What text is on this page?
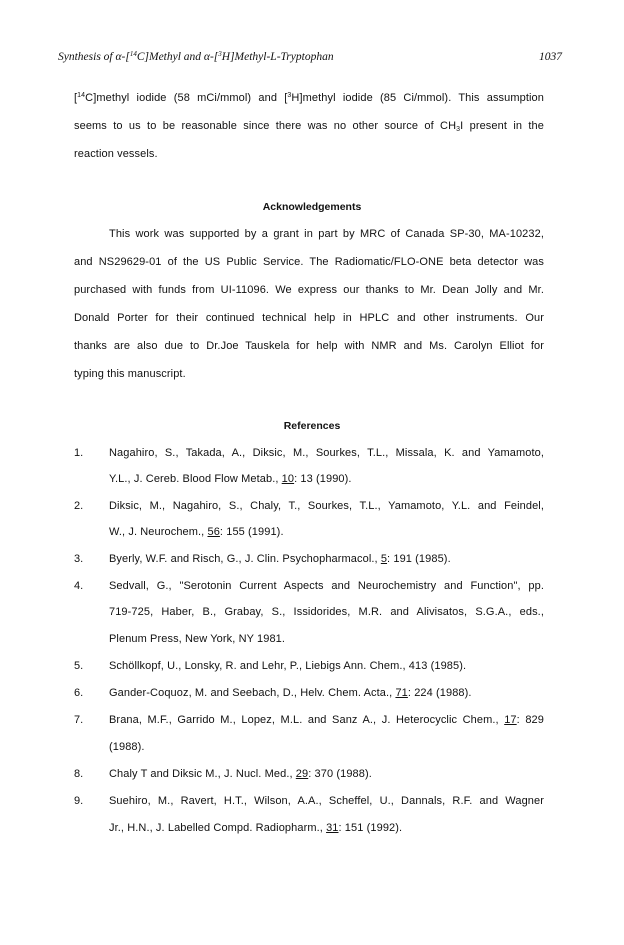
Synthesis of α-[$^{14}$C]Methyl and α-[$^3$H]Methyl-L-Tryptophan	1037
[$^{14}$C]methyl iodide (58 mCi/mmol) and [$^3$H]methyl iodide (85 Ci/mmol). This assumption
seems to us to be reasonable since there was no other source of $CH_3I$ present in the
reaction vessels.
Acknowledgements
This work was supported by a grant in part by MRC of Canada SP-30, MA-10232,
and NS29629-01 of the US Public Service. The Radiomatic/FLO-ONE beta detector was
purchased with funds from UI-11096. We express our thanks to Mr. Dean Jolly and Mr.
Donald Porter for their continued technical help in HPLC and other instruments. Our
thanks are also due to Dr.Joe Tauskela for help with NMR and Ms. Carolyn Elliot for
typing this manuscript.
References
1. Nagahiro, S., Takada, A., Diksic, M., Sourkes, T.L., Missala, K. and Yamamoto,
Y.L., J. Cereb. Blood Flow Metab., 10: 13 (1990).
2. Diksic, M., Nagahiro, S., Chaly, T., Sourkes, T.L., Yamamoto, Y.L. and Feindel,
W., J. Neurochem., 56: 155 (1991).
3. Byerly, W.F. and Risch, G., J. Clin. Psychopharmacol., 5: 191 (1985).
4. Sedvall, G., "Serotonin Current Aspects and Neurochemistry and Function", pp.
719-725, Haber, B., Grabay, S., Issidorides, M.R. and Alivisatos, S.G.A., eds.,
Plenum Press, New York, NY 1981.
5. Schöllkopf, U., Lonsky, R. and Lehr, P., Liebigs Ann. Chem., 413 (1985).
6. Gander-Coquoz, M. and Seebach, D., Helv. Chem. Acta., 71: 224 (1988).
7. Brana, M.F., Garrido M., Lopez, M.L. and Sanz A., J. Heterocyclic Chem., 17: 829
(1988).
8. Chaly T and Diksic M., J. Nucl. Med., 29: 370 (1988).
9. Suehiro, M., Ravert, H.T., Wilson, A.A., Scheffel, U., Dannals, R.F. and Wagner
Jr., H.N., J. Labelled Compd. Radiopharm., 31: 151 (1992).
